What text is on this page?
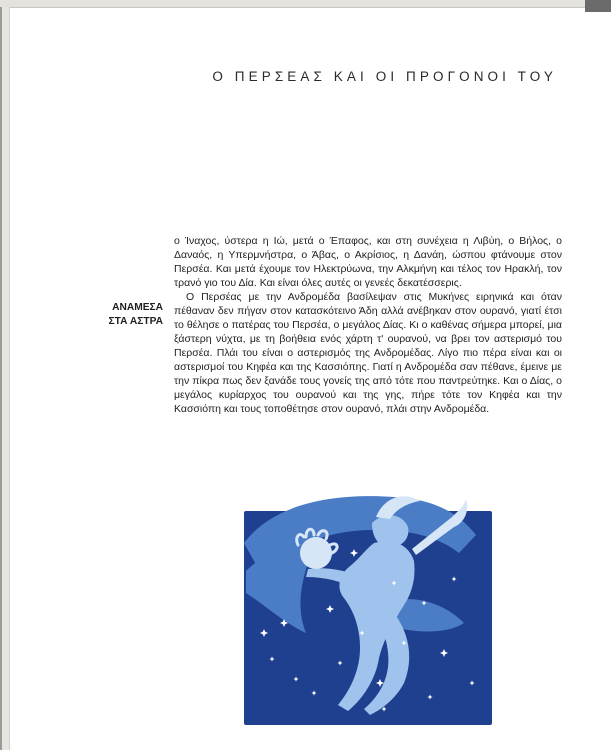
Ο ΠΕΡΣΕΑΣ ΚΑΙ ΟΙ ΠΡΟΓΟΝΟΙ ΤΟΥ
ΑΝΑΜΕΣΑ
ΣΤΑ ΑΣΤΡΑ

ο Ίναχος, ύστερα η Ιώ, μετά ο Έπαφος, και στη συνέχεια η Λιβύη, ο Βήλος, ο Δαναός, η Υπερμνήστρα, ο Άβας, ο Ακρίσιος, η Δανάη, ώσπου φτάνουμε στον Περσέα. Και μετά έχουμε τον Ηλεκτρύωνα, την Αλκμήνη και τέλος τον Ηρακλή, τον τρανό γιο του Δία. Και είναι όλες αυτές οι γενεές δεκατέσσερις.

Ο Περσέας με την Ανδρομέδα βασίλεψαν στις Μυκήνες ειρηνικά και όταν πέθαναν δεν πήγαν στον κατασκότεινο Άδη αλλά ανέβηκαν στον ουρανό, γιατί έτσι το θέλησε ο πατέρας του Περσέα, ο μεγάλος Δίας. Κι ο καθένας σήμερα μπορεί, μια ξάστερη νύχτα, με τη βοήθεια ενός χάρτη τ' ουρανού, να βρει τον αστερισμό του Περσέα. Πλάι του είναι ο αστερισμός της Ανδρομέδας. Λίγο πιο πέρα είναι και οι αστερισμοί του Κηφέα και της Κασσιόπης. Γιατί η Ανδρομέδα σαν πέθανε, έμεινε με την πίκρα πως δεν ξανάδε τους γονείς της από τότε που παντρεύτηκε. Και ο Δίας, ο μεγάλος κυρίαρχος του ουρανού και της γης, πήρε τότε τον Κηφέα και την Κασσιόπη και τους τοποθέτησε στον ουρανό, πλάι στην Ανδρομέδα.
